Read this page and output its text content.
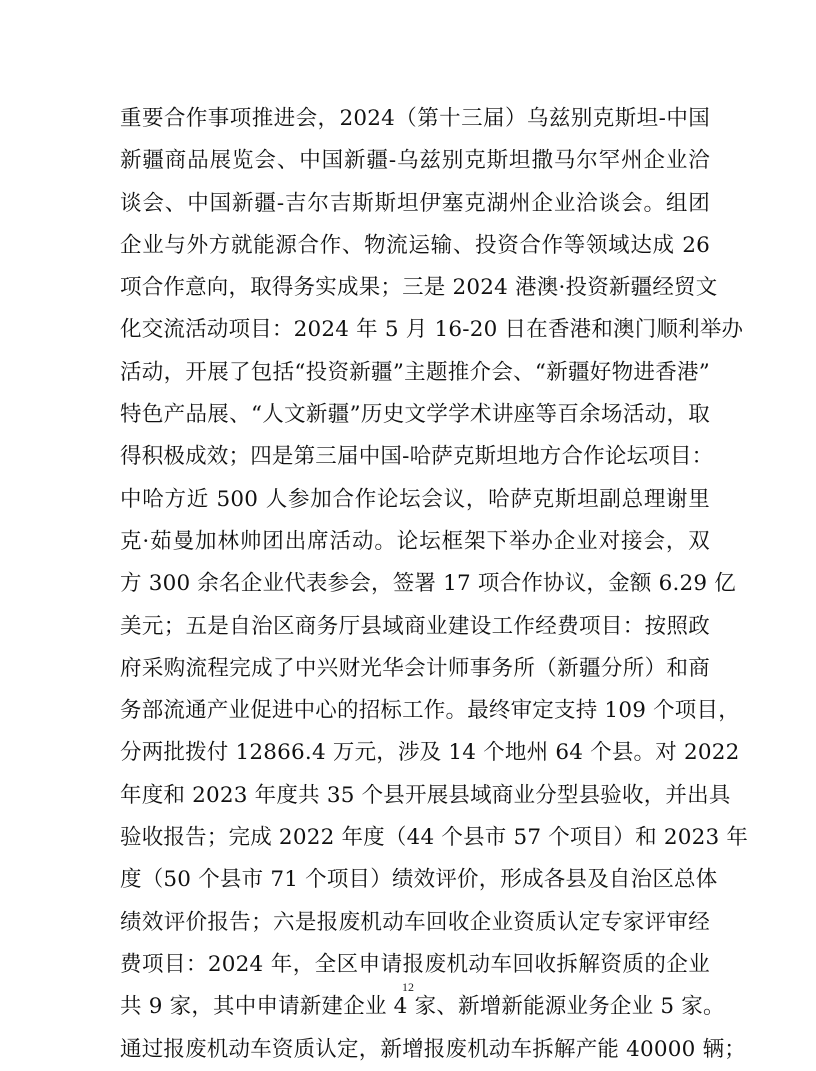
重要合作事项推进会，2024（第十三届）乌兹别克斯坦-中国
新疆商品展览会、中国新疆-乌兹别克斯坦撒马尔罕州企业洽
谈会、中国新疆-吉尔吉斯斯坦伊塞克湖州企业洽谈会。组团
企业与外方就能源合作、物流运输、投资合作等领域达成 26
项合作意向，取得务实成果；三是 2024 港澳·投资新疆经贸文
化交流活动项目：2024 年 5 月 16-20 日在香港和澳门顺利举办
活动，开展了包括“投资新疆”主题推介会、“新疆好物进香港”
特色产品展、“人文新疆”历史文学学术讲座等百余场活动，取
得积极成效；四是第三届中国-哈萨克斯坦地方合作论坛项目：
中哈方近 500 人参加合作论坛会议，哈萨克斯坦副总理谢里
克·茹曼加林帅团出席活动。论坛框架下举办企业对接会，双
方 300 余名企业代表参会，签署 17 项合作协议，金额 6.29 亿
美元；五是自治区商务厅县域商业建设工作经费项目：按照政
府采购流程完成了中兴财光华会计师事务所（新疆分所）和商
务部流通产业促进中心的招标工作。最终审定支持 109 个项目，
分两批拨付 12866.4 万元，涉及 14 个地州 64 个县。对 2022
年度和 2023 年度共 35 个县开展县域商业分型县验收，并出具
验收报告；完成 2022 年度（44 个县市 57 个项目）和 2023 年
度（50 个县市 71 个项目）绩效评价，形成各县及自治区总体
绩效评价报告；六是报废机动车回收企业资质认定专家评审经
费项目：2024 年，全区申请报废机动车回收拆解资质的企业
共 9 家，其中申请新建企业 4 家、新增新能源业务企业 5 家。
通过报废机动车资质认定，新增报废机动车拆解产能 40000 辆；
12
